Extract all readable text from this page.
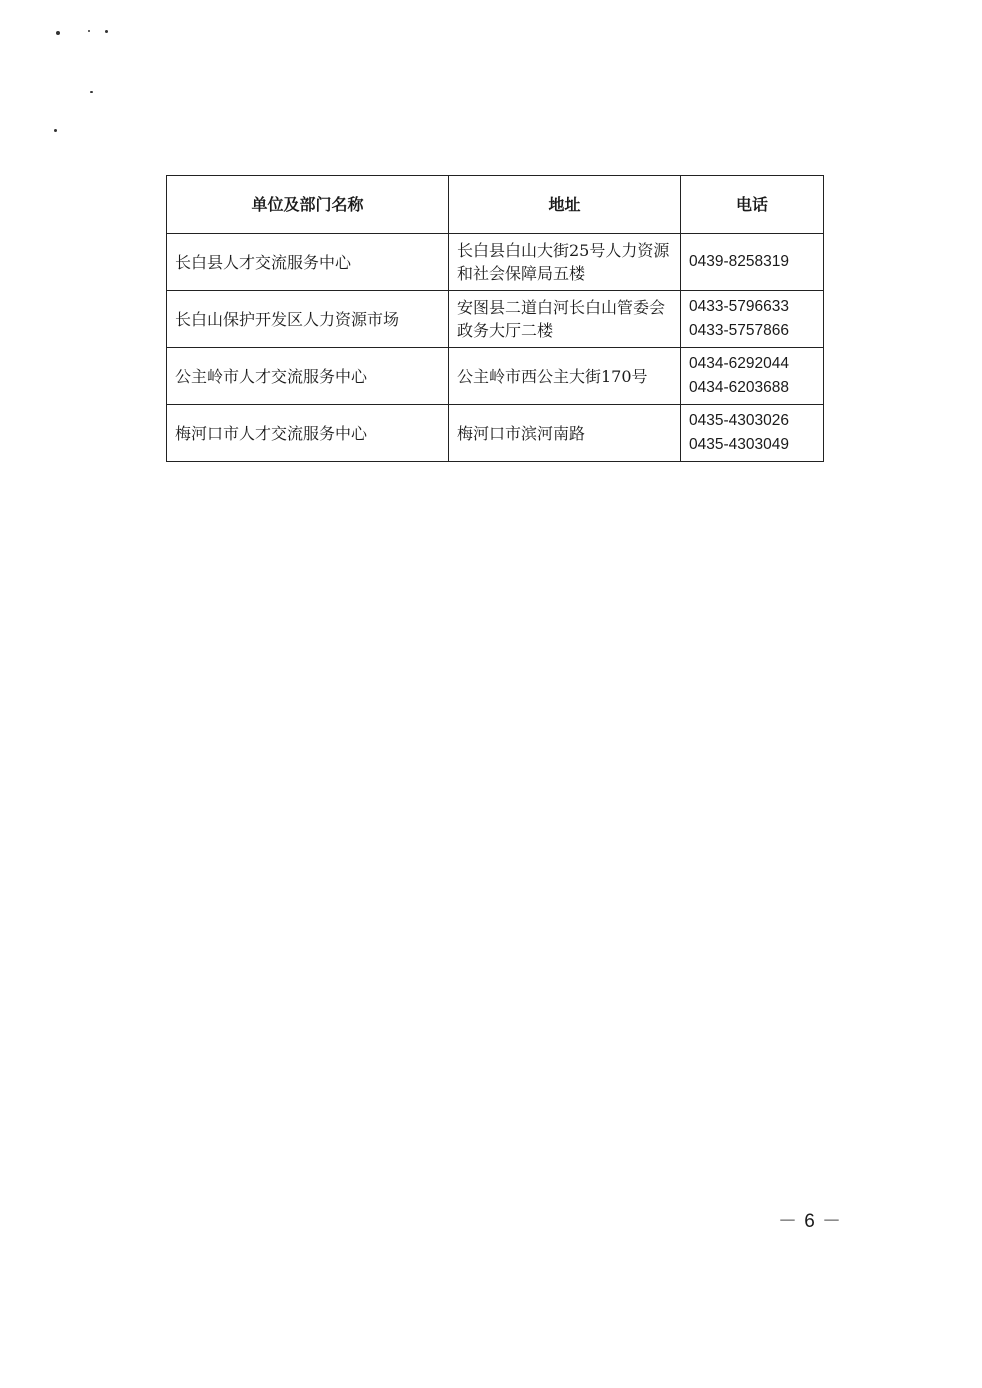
单位及部门名称	地址	电话
长白县人才交流服务中心	长白县白山大街25号人力资源和社会保障局五楼	0439-8258319

长白山保护开发区人力资源市场	安图县二道白河长白山管委会政务大厅二楼	0433-5796633
0433-5757866

公主岭市人才交流服务中心	公主岭市西公主大街170号	0434-6292044
0434-6203688

梅河口市人才交流服务中心	梅河口市滨河南路	0435-4303026
0435-4303049
－ 6 －
